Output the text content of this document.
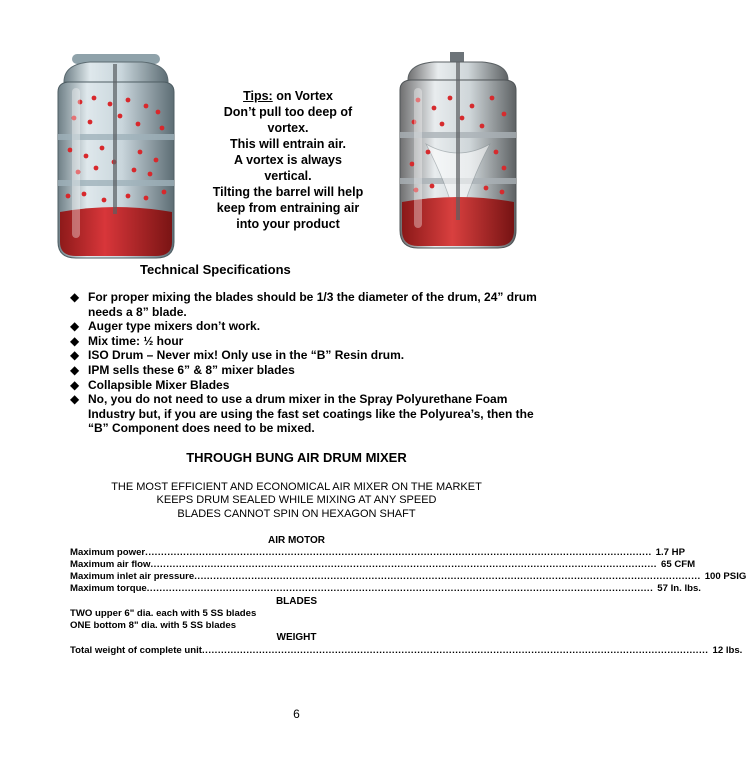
Tips: on Vortex
Don’t pull too deep of
vortex.
This will entrain air.
A vortex is always
vertical.
Tilting the barrel will help
keep from entraining air
into your product
Technical Specifications
◆ For proper mixing the blades should be 1/3 the diameter of the drum, 24” drum needs a 8” blade.
◆ Auger type mixers don’t work.
◆ Mix time: ½ hour
◆ ISO Drum – Never mix! Only use in the “B” Resin drum.
◆ IPM sells these 6” & 8” mixer blades
◆ Collapsible Mixer Blades
◆ No, you do not need to use a drum mixer in the Spray Polyurethane Foam Industry but, if you are using the fast set coatings like the Polyurea’s, then the “B” Component does need to be mixed.
THROUGH BUNG AIR DRUM MIXER
THE MOST EFFICIENT AND ECONOMICAL AIR MIXER ON THE MARKET
KEEPS DRUM SEALED WHILE MIXING AT ANY SPEED
BLADES CANNOT SPIN ON HEXAGON SHAFT
AIR MOTOR
Maximum power ................................................................................................................................................................ 1.7 HP
Maximum air flow ................................................................................................................................................................ 65 CFM
Maximum inlet air pressure ................................................................................................................................................................ 100 PSIG
Maximum torque ................................................................................................................................................................ 57 In. lbs.
BLADES
TWO upper 6" dia. each with 5 SS blades
ONE bottom 8" dia. with 5 SS blades
WEIGHT
Total weight of complete unit ................................................................................................................................................................ 12 lbs.
6
